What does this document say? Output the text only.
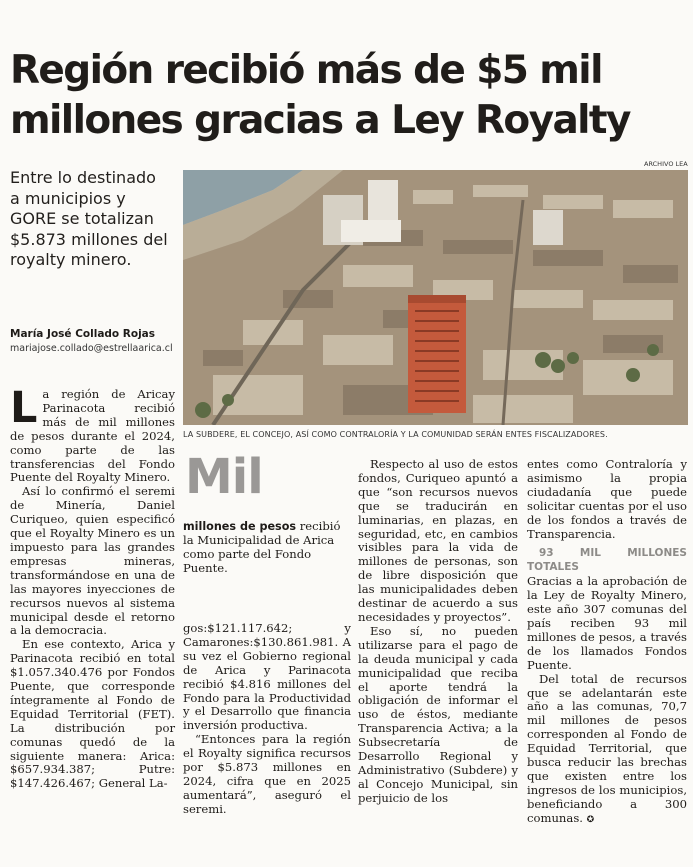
Región recibió más de $5 mil millones gracias a Ley Royalty
Entre lo destinado a municipios y GORE se totalizan $5.873 millones del royalty minero.
María José Collado Rojas
mariajose.collado@estrellaarica.cl
ARCHIVO LEA
LA SUBDERE, EL CONCEJO, ASÍ COMO CONTRALORÍA Y LA COMUNIDAD SERÁN ENTES FISCALIZADORES.

La región de Aricay Parinacota recibió más de mil millones de pesos durante el 2024, como parte de las transferencias del Fondo Puente del Royalty Minero.

Así lo confirmó el seremi de Minería, Daniel Curiqueo, quien especificó que el Royalty Minero es un impuesto para las grandes empresas mineras, transformándose en una de las mayores inyecciones de recursos nuevos al sistema municipal desde el retorno a la democracia.

En ese contexto, Arica y Parinacota recibió en total $1.057.340.476 por Fondos Puente, que corresponde íntegramente al Fondo de Equidad Territorial (FET). La distribución por comunas quedó de la siguiente manera: Arica: $657.934.387; Putre: $147.426.467; General La-

Mil
millones de pesos recibió la Municipalidad de Arica como parte del Fondo Puente.

gos:$121.117.642; y Camarones:$130.861.981. A su vez el Gobierno regional de Arica y Parinacota recibió $4.816 millones del Fondo para la Productividad y el Desarrollo que financia inversión productiva.

“Entonces para la región el Royalty significa recursos por $5.873 millones en 2024, cifra que en 2025 aumentará”, aseguró el seremi.

Respecto al uso de estos fondos, Curiqueo apuntó a que “son recursos nuevos que se traducirán en luminarias, en plazas, en seguridad, etc, en cambios visibles para la vida de millones de personas, son de libre disposición que las municipalidades deben destinar de acuerdo a sus necesidades y proyectos”.

Eso sí, no pueden utilizarse para el pago de la deuda municipal y cada municipalidad que reciba el aporte tendrá la obligación de informar el uso de éstos, mediante Transparencia Activa; a la Subsecretaría de Desarrollo Regional y Administrativo (Subdere) y al Concejo Municipal, sin perjuicio de los

entes como Contraloría y asimismo la propia ciudadanía que puede solicitar cuentas por el uso de los fondos a través de Transparencia.

93 MIL MILLONES TOTALES

Gracias a la aprobación de la Ley de Royalty Minero, este año 307 comunas del país reciben 93 mil millones de pesos, a través de los llamados Fondos Puente.

Del total de recursos que se adelantarán este año a las comunas, 70,7 mil millones de pesos corresponden al Fondo de Equidad Territorial, que busca reducir las brechas que existen entre los ingresos de los municipios, beneficiando a 300 comunas. ✪
